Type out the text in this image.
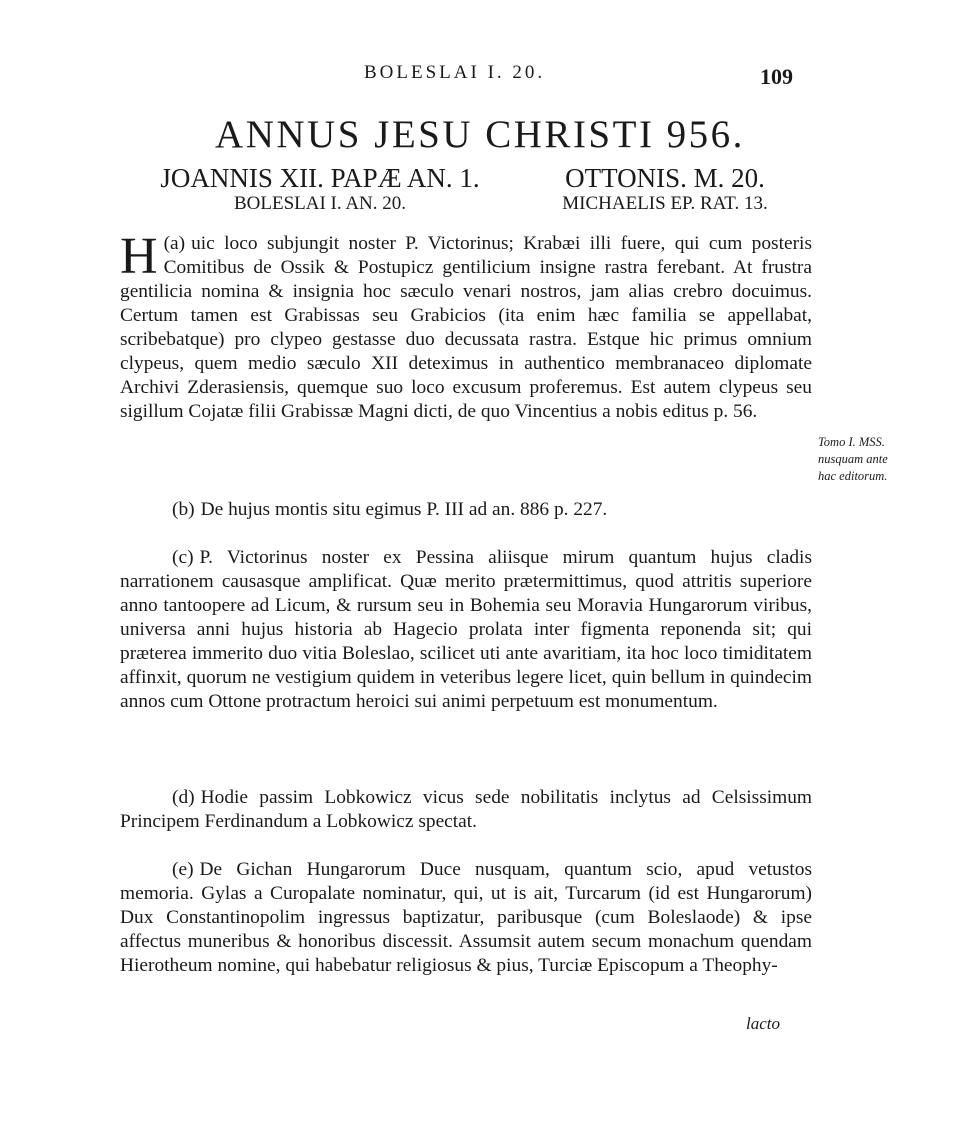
BOLESLAI I. 20.	109
ANNUS JESU CHRISTI 956.
JOANNIS XII. PAPÆ AN. 1.
BOLESLAI I. AN. 20.
OTTONIS. M. 20.
MICHAELIS EP. RAT. 13.

(a)
H uic loco subjungit noster P. Victorinus; Krabæi illi fuere, qui cum posteris Comitibus de Ossik & Postupicz gentilicium insigne rastra ferebant. At frustra gentilicia nomina & insignia hoc sæculo venari nostros, jam alias crebro docuimus. Certum tamen est Grabissas seu Grabicios (ita enim hæc familia se appellabat, scribebatque) pro clypeo gestasse duo decussata rastra. Estque hic primus omnium clypeus, quem medio sæculo XII deteximus in authentico membranaceo diplomate Archivi Zderasiensis, quemque suo loco excusum proferemus. Est autem clypeus seu sigillum Cojatæ filii Grabissæ Magni dicti, de quo Vincentius a nobis editus p. 56.

(b) De hujus montis situ egimus P. III ad an. 886 p. 227.

(c) P. Victorinus noster ex Pessina aliisque mirum quantum hujus cladis narrationem causasque amplificat. Quæ merito prætermittimus, quod attritis superiore anno tantoopere ad Licum, & rursum seu in Bohemia seu Moravia Hungarorum viribus, universa anni hujus historia ab Hagecio prolata inter figmenta reponenda sit; qui præterea immerito duo vitia Boleslao, scilicet uti ante avaritiam, ita hoc loco timiditatem affinxit, quorum ne vestigium quidem in veteribus legere licet, quin bellum in quindecim annos cum Ottone protractum heroici sui animi perpetuum est monumentum.

(d) Hodie passim Lobkowicz vicus sede nobilitatis inclytus ad Celsissimum Principem Ferdinandum a Lobkowicz spectat.

(e) De Gichan Hungarorum Duce nusquam, quantum scio, apud vetustos memoria. Gylas a Curopalate nominatur, qui, ut is ait, Turcarum (id est Hungarorum) Dux Constantinopolim ingressus baptizatur, paribusque (cum Boleslaode) & ipse affectus muneribus & honoribus discessit. Assumsit autem secum monachum quendam Hierotheum nomine, qui habebatur religiosus & pius, Turciæ Episcopum a Theophy-

Tomo I. MSS.
nusquam ante
hac editorum.
lacto
